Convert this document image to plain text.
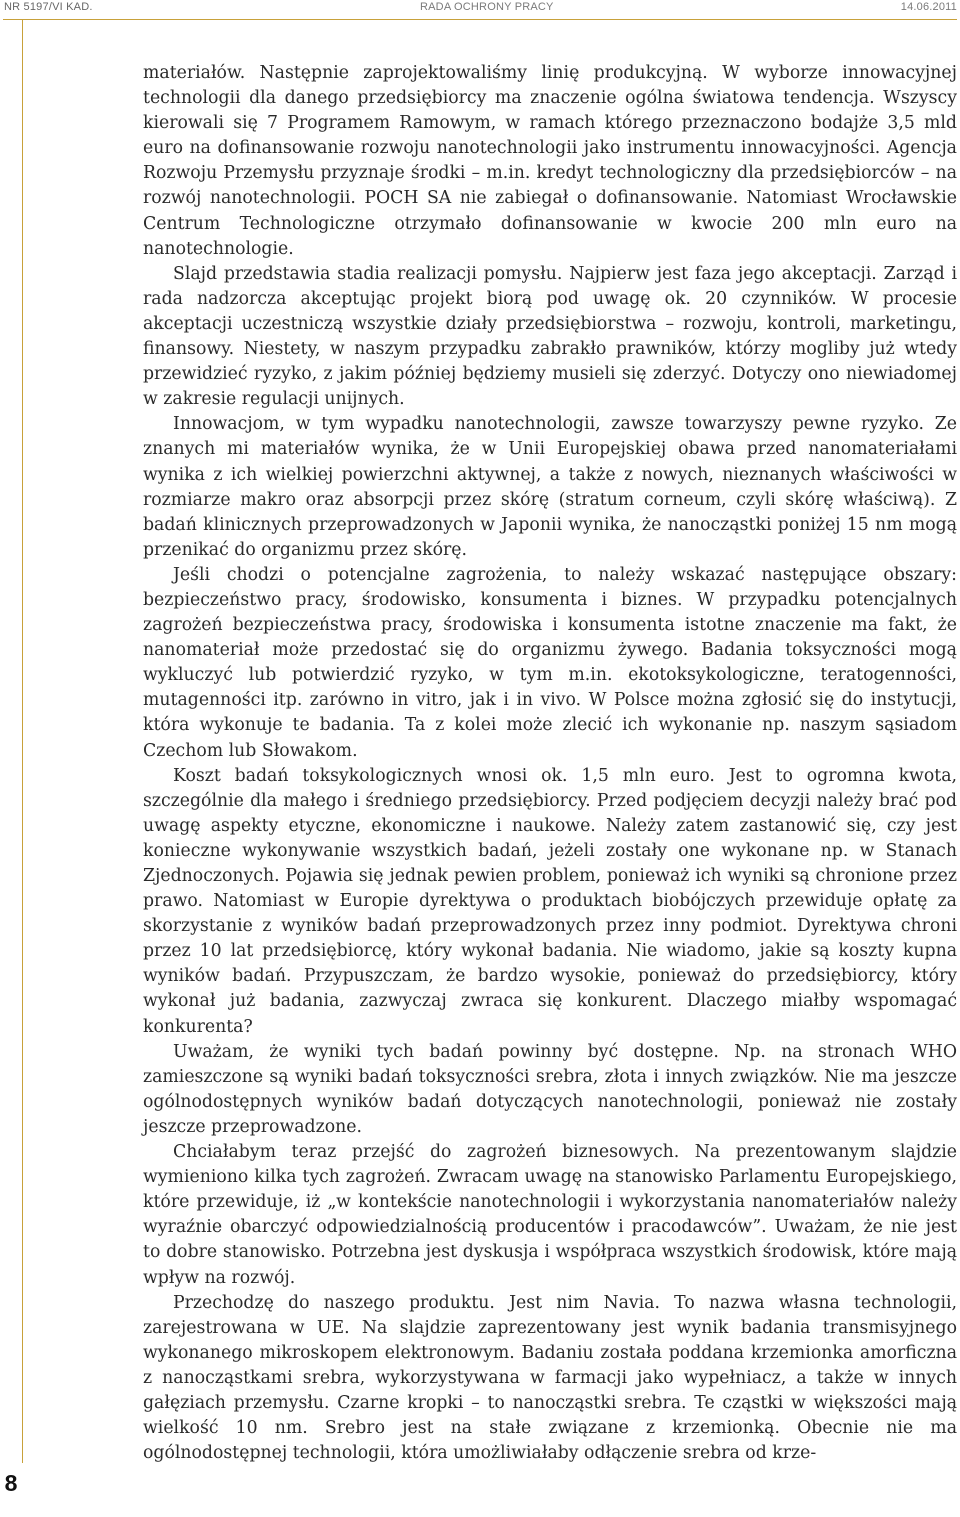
NR 5197/VI KAD.	RADA OCHRONY PRACY	14.06.2011
8

materiałów. Następnie zaprojektowaliśmy linię produkcyjną. W wyborze innowacyjnej technologii dla danego przedsiębiorcy ma znaczenie ogólna światowa tendencja. Wszyscy kierowali się 7 Programem Ramowym, w ramach którego przeznaczono bodajże 3,5 mld euro na dofinansowanie rozwoju nanotechnologii jako instrumentu innowacyjności. Agencja Rozwoju Przemysłu przyznaje środki – m.in. kredyt technologiczny dla przedsiębiorców – na rozwój nanotechnologii. POCH SA nie zabiegał o dofinansowanie. Natomiast Wrocławskie Centrum Technologiczne otrzymało dofinansowanie w kwocie 200 mln euro na nanotechnologie.

Slajd przedstawia stadia realizacji pomysłu. Najpierw jest faza jego akceptacji. Zarząd i rada nadzorcza akceptując projekt biorą pod uwagę ok. 20 czynników. W procesie akceptacji uczestniczą wszystkie działy przedsiębiorstwa – rozwoju, kontroli, marketingu, finansowy. Niestety, w naszym przypadku zabrakło prawników, którzy mogliby już wtedy przewidzieć ryzyko, z jakim później będziemy musieli się zderzyć. Dotyczy ono niewiadomej w zakresie regulacji unijnych.

Innowacjom, w tym wypadku nanotechnologii, zawsze towarzyszy pewne ryzyko. Ze znanych mi materiałów wynika, że w Unii Europejskiej obawa przed nanomateriałami wynika z ich wielkiej powierzchni aktywnej, a także z nowych, nieznanych właściwości w rozmiarze makro oraz absorpcji przez skórę (stratum corneum, czyli skórę właściwą). Z badań klinicznych przeprowadzonych w Japonii wynika, że nanocząstki poniżej 15 nm mogą przenikać do organizmu przez skórę.

Jeśli chodzi o potencjalne zagrożenia, to należy wskazać następujące obszary: bezpieczeństwo pracy, środowisko, konsumenta i biznes. W przypadku potencjalnych zagrożeń bezpieczeństwa pracy, środowiska i konsumenta istotne znaczenie ma fakt, że nanomateriał może przedostać się do organizmu żywego. Badania toksyczności mogą wykluczyć lub potwierdzić ryzyko, w tym m.in. ekotoksykologiczne, teratogenności, mutagenności itp. zarówno in vitro, jak i in vivo. W Polsce można zgłosić się do instytucji, która wykonuje te badania. Ta z kolei może zlecić ich wykonanie np. naszym sąsiadom Czechom lub Słowakom.

Koszt badań toksykologicznych wnosi ok. 1,5 mln euro. Jest to ogromna kwota, szczególnie dla małego i średniego przedsiębiorcy. Przed podjęciem decyzji należy brać pod uwagę aspekty etyczne, ekonomiczne i naukowe. Należy zatem zastanowić się, czy jest konieczne wykonywanie wszystkich badań, jeżeli zostały one wykonane np. w Stanach Zjednoczonych. Pojawia się jednak pewien problem, ponieważ ich wyniki są chronione przez prawo. Natomiast w Europie dyrektywa o produktach biobójczych przewiduje opłatę za skorzystanie z wyników badań przeprowadzonych przez inny podmiot. Dyrektywa chroni przez 10 lat przedsiębiorcę, który wykonał badania. Nie wiadomo, jakie są koszty kupna wyników badań. Przypuszczam, że bardzo wysokie, ponieważ do przedsiębiorcy, który wykonał już badania, zazwyczaj zwraca się konkurent. Dlaczego miałby wspomagać konkurenta?

Uważam, że wyniki tych badań powinny być dostępne. Np. na stronach WHO zamieszczone są wyniki badań toksyczności srebra, złota i innych związków. Nie ma jeszcze ogólnodostępnych wyników badań dotyczących nanotechnologii, ponieważ nie zostały jeszcze przeprowadzone.

Chciałabym teraz przejść do zagrożeń biznesowych. Na prezentowanym slajdzie wymieniono kilka tych zagrożeń. Zwracam uwagę na stanowisko Parlamentu Europejskiego, które przewiduje, iż „w kontekście nanotechnologii i wykorzystania nanomateriałów należy wyraźnie obarczyć odpowiedzialnością producentów i pracodawców”. Uważam, że nie jest to dobre stanowisko. Potrzebna jest dyskusja i współpraca wszystkich środowisk, które mają wpływ na rozwój.

Przechodzę do naszego produktu. Jest nim Navia. To nazwa własna technologii, zarejestrowana w UE. Na slajdzie zaprezentowany jest wynik badania transmisyjnego wykonanego mikroskopem elektronowym. Badaniu została poddana krzemionka amorficzna z nanocząstkami srebra, wykorzystywana w farmacji jako wypełniacz, a także w innych gałęziach przemysłu. Czarne kropki – to nanocząstki srebra. Te cząstki w większości mają wielkość 10 nm. Srebro jest na stałe związane z krzemionką. Obecnie nie ma ogólnodostępnej technologii, która umożliwiałaby odłączenie srebra od krze-
